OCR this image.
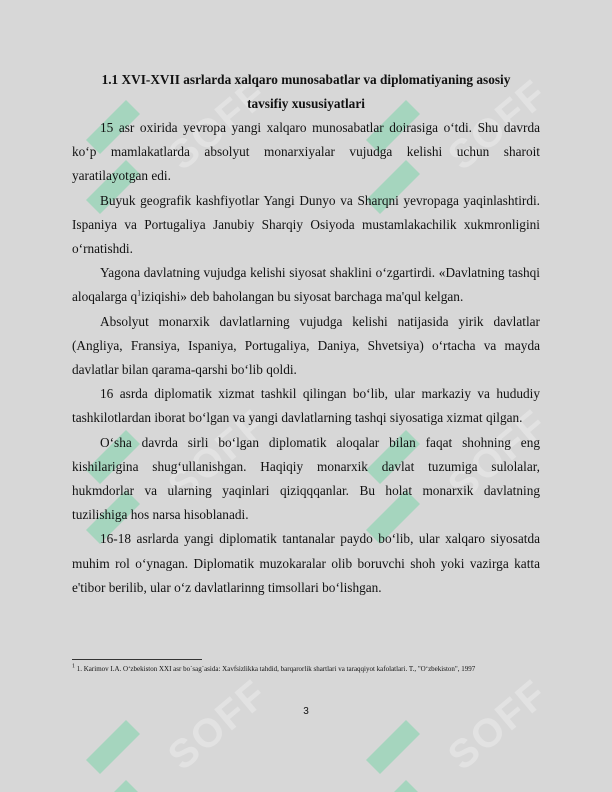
SOFF	SOFF
SOFF	SOFF
SOFF	SOFF
1.1 XVI-XVII asrlarda xalqaro munosabatlar va diplomatiyaning asosiy
tavsifiy xususiyatlari

15 asr oxirida yevropa yangi xalqaro munosabatlar doirasiga o‘tdi. Shu davrda ko‘p mamlakatlarda absolyut monarxiyalar vujudga kelishi uchun sharoit yaratilayotgan edi.

Buyuk geografik kashfiyotlar Yangi Dunyo va Sharqni yevropaga yaqinlashtirdi. Ispaniya va Portugaliya Janubiy Sharqiy Osiyoda mustamlakachilik xukmronligini o‘rnatishdi.

Yagona davlatning vujudga kelishi siyosat shaklini o‘zgartirdi. «Davlatning tashqi aloqalarga $q^1iziqishi$» deb baholangan bu siyosat barchaga ma'qul kelgan.

Absolyut monarxik davlatlarning vujudga kelishi natijasida yirik davlatlar (Angliya, Fransiya, Ispaniya, Portugaliya, Daniya, Shvetsiya) o‘rtacha va mayda davlatlar bilan qarama-qarshi bo‘lib qoldi.

16 asrda diplomatik xizmat tashkil qilingan bo‘lib, ular markaziy va hududiy tashkilotlardan iborat bo‘lgan va yangi davlatlarning tashqi siyosatiga xizmat qilgan.

O‘sha davrda sirli bo‘lgan diplomatik aloqalar bilan faqat shohning eng kishilarigina shug‘ullanishgan. Haqiqiy monarxik davlat tuzumiga sulolalar, hukmdorlar va ularning yaqinlari qiziqqqanlar. Bu holat monarxik davlatning tuzilishiga hos narsa hisoblanadi.

16-18 asrlarda yangi diplomatik tantanalar paydo bo‘lib, ular xalqaro siyosatda muhim rol o‘ynagan. Diplomatik muzokaralar olib boruvchi shoh yoki vazirga katta e'tibor berilib, ular o‘z davlatlarinng timsollari bo‘lishgan.

$^1$ 1. Karimov I.A. O‘zbekiston XXI asr bo`sag`asida: Xavfsizlikka tahdid, barqarorlik shartlari va taraqqiyot kafolatlari. T., "O‘zbekiston", 1997
3
